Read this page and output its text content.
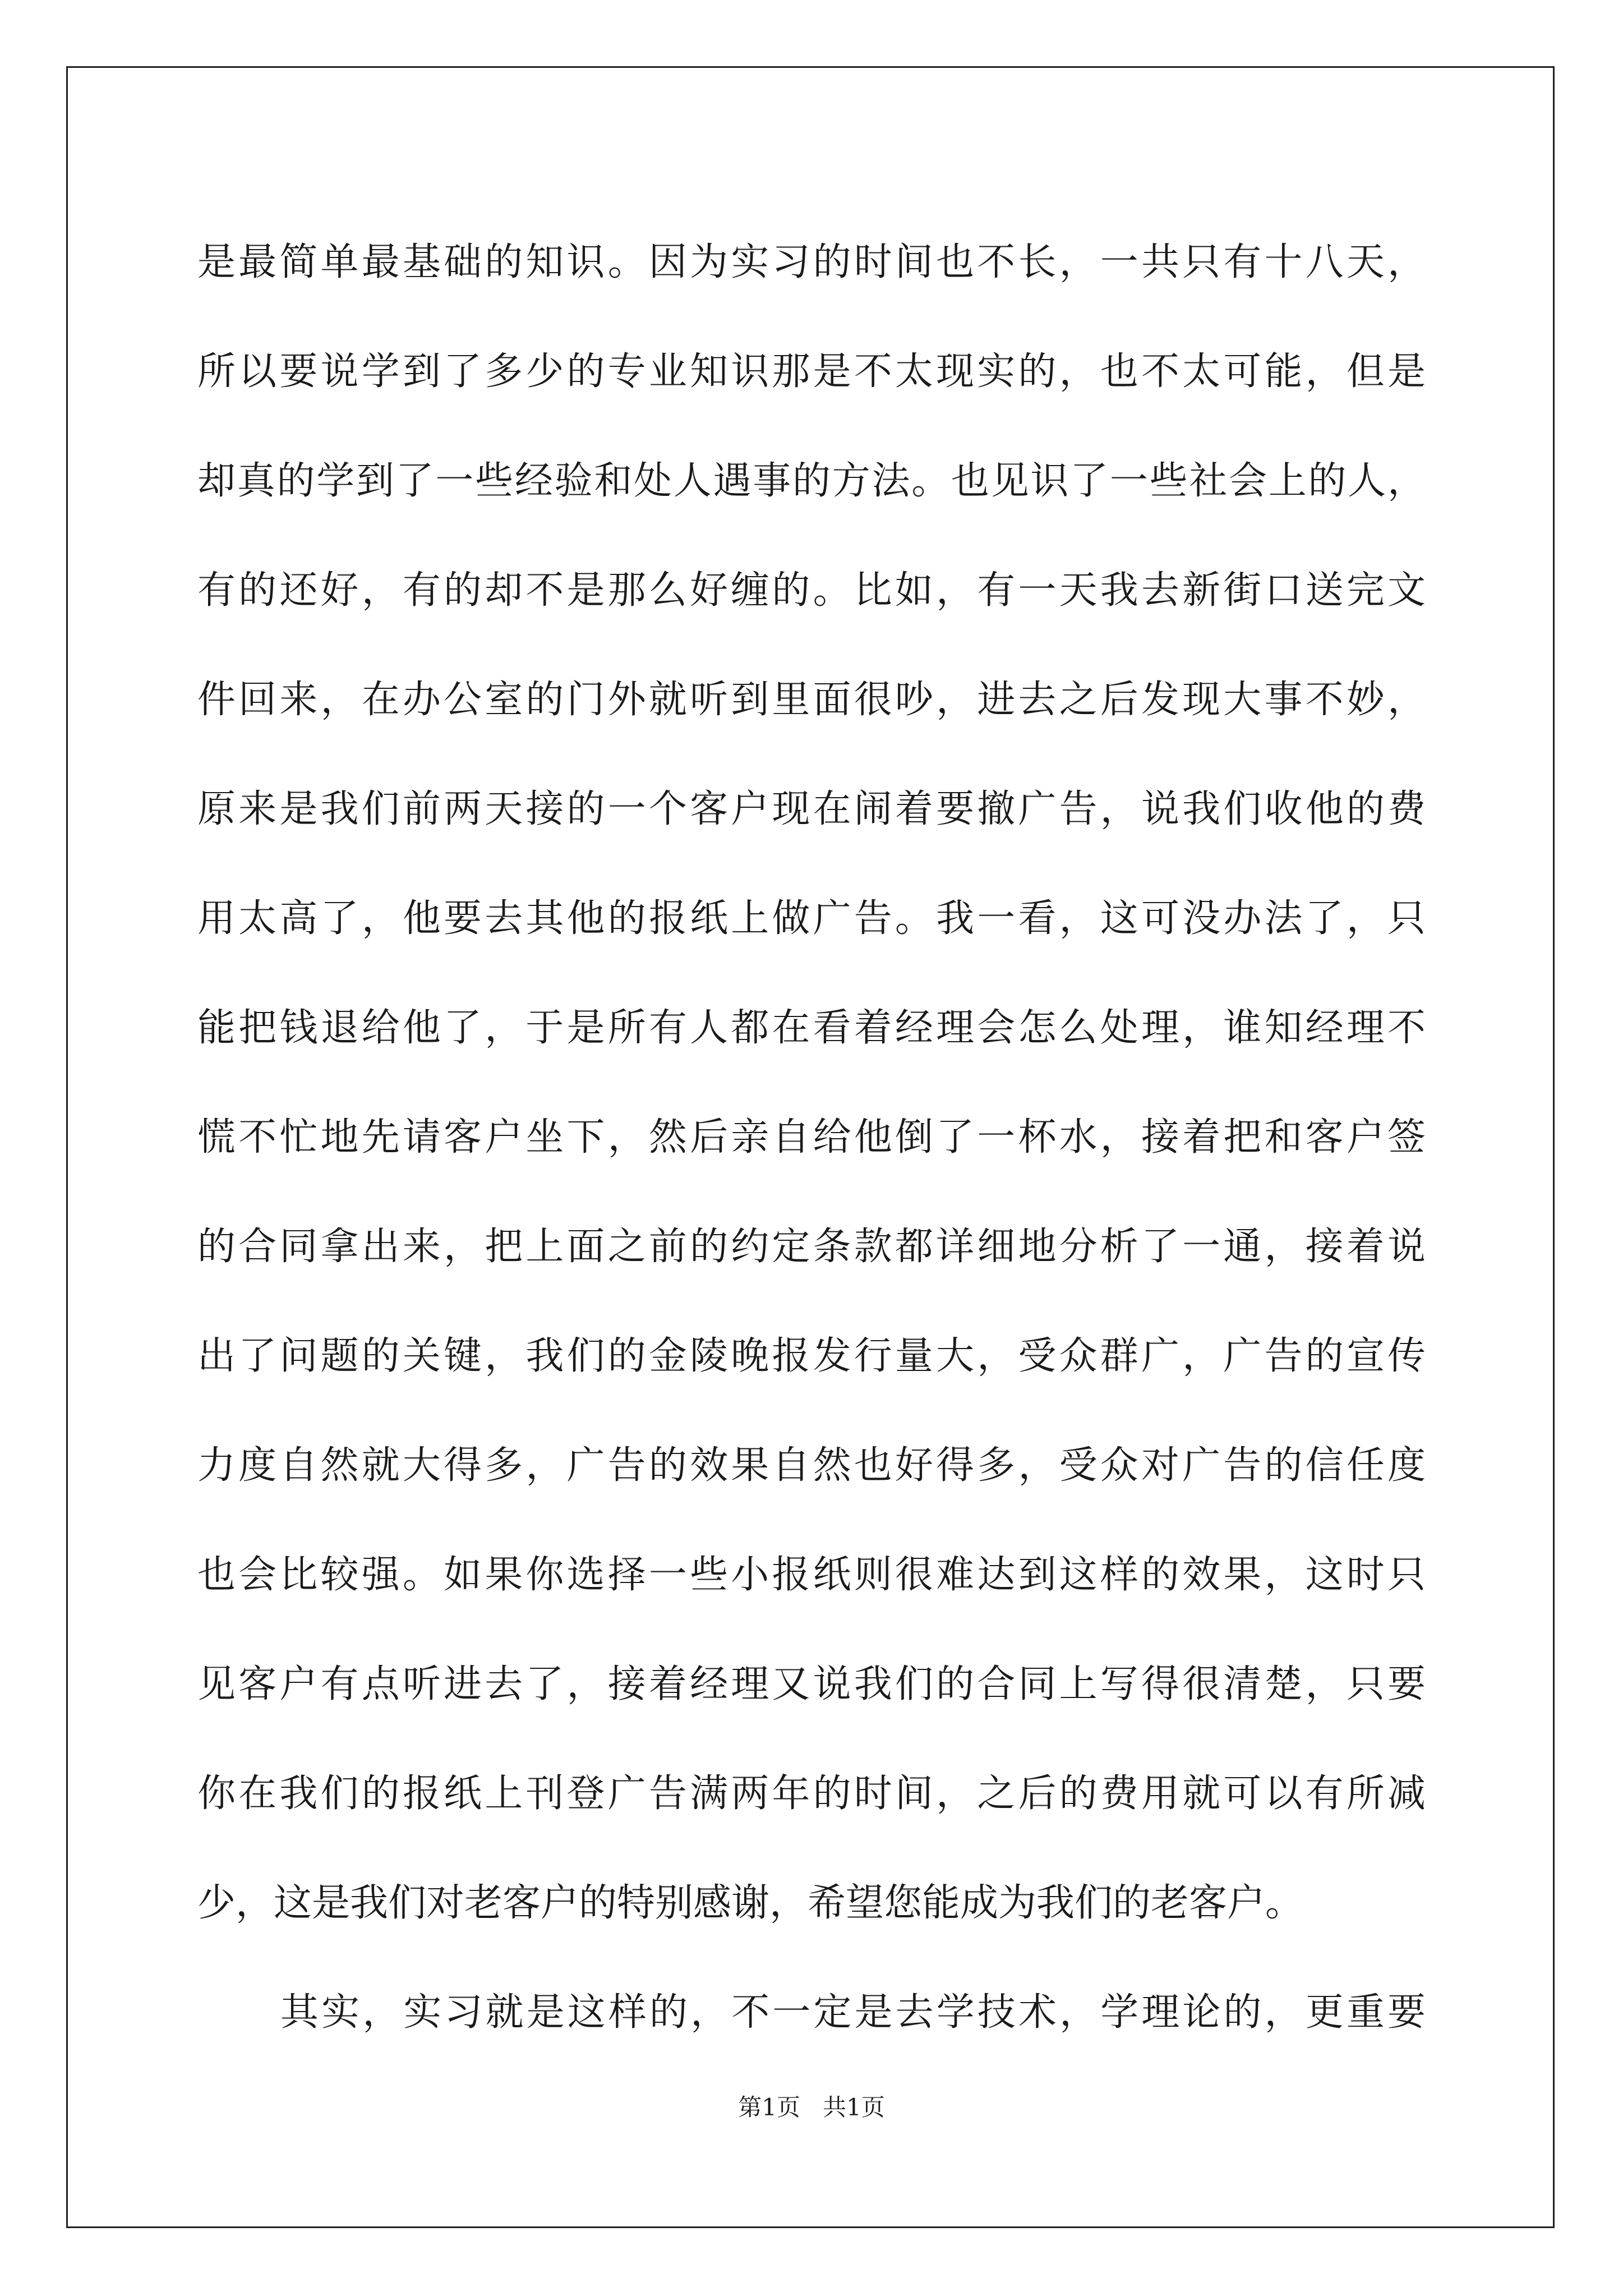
是最简单最基础的知识。因为实习的时间也不长，一共只有十八天，
所以要说学到了多少的专业知识那是不太现实的，也不太可能，但是
却真的学到了一些经验和处人遇事的方法。也见识了一些社会上的人，
有的还好，有的却不是那么好缠的。比如，有一天我去新街口送完文
件回来，在办公室的门外就听到里面很吵，进去之后发现大事不妙，
原来是我们前两天接的一个客户现在闹着要撤广告，说我们收他的费
用太高了，他要去其他的报纸上做广告。我一看，这可没办法了，只
能把钱退给他了，于是所有人都在看着经理会怎么处理，谁知经理不
慌不忙地先请客户坐下，然后亲自给他倒了一杯水，接着把和客户签
的合同拿出来，把上面之前的约定条款都详细地分析了一通，接着说
出了问题的关键，我们的金陵晚报发行量大，受众群广，广告的宣传
力度自然就大得多，广告的效果自然也好得多，受众对广告的信任度
也会比较强。如果你选择一些小报纸则很难达到这样的效果，这时只
见客户有点听进去了，接着经理又说我们的合同上写得很清楚，只要
你在我们的报纸上刊登广告满两年的时间，之后的费用就可以有所减
少，这是我们对老客户的特别感谢，希望您能成为我们的老客户。
其实，实习就是这样的，不一定是去学技术，学理论的，更重要
第1页   共1页
